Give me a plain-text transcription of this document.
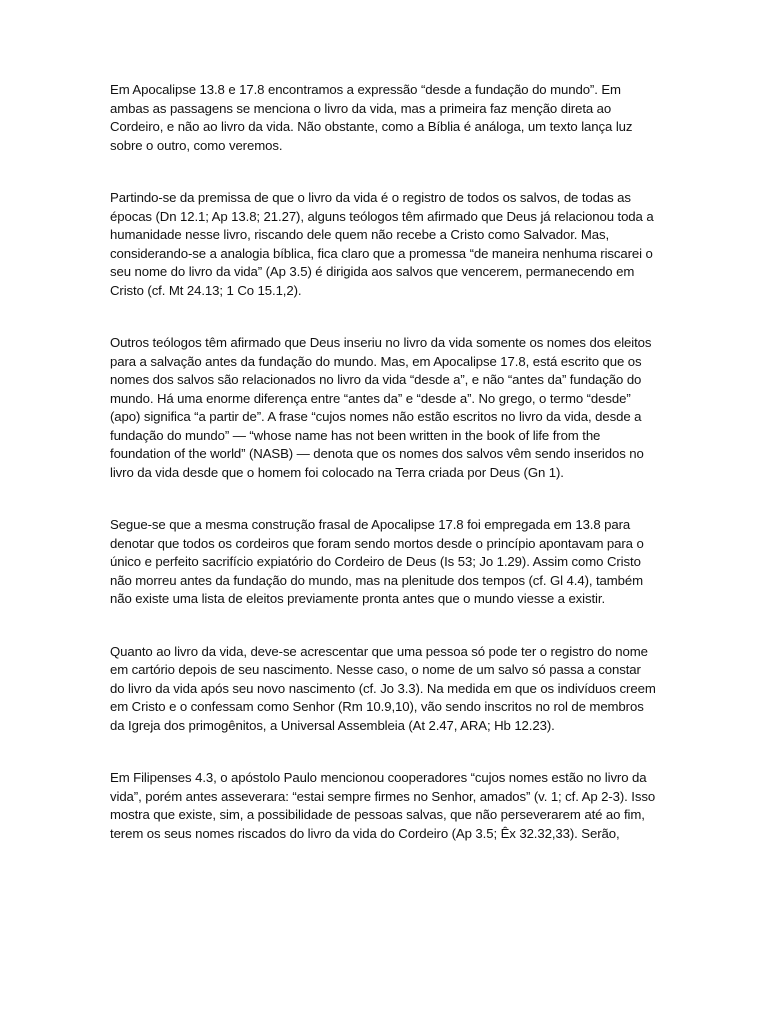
Em Apocalipse 13.8 e 17.8 encontramos a expressão “desde a fundação do mundo”. Em ambas as passagens se menciona o livro da vida, mas a primeira faz menção direta ao Cordeiro, e não ao livro da vida. Não obstante, como a Bíblia é análoga, um texto lança luz sobre o outro, como veremos.

Partindo-se da premissa de que o livro da vida é o registro de todos os salvos, de todas as épocas (Dn 12.1; Ap 13.8; 21.27), alguns teólogos têm afirmado que Deus já relacionou toda a humanidade nesse livro, riscando dele quem não recebe a Cristo como Salvador. Mas, considerando-se a analogia bíblica, fica claro que a promessa “de maneira nenhuma riscarei o seu nome do livro da vida” (Ap 3.5) é dirigida aos salvos que vencerem, permanecendo em Cristo (cf. Mt 24.13; 1 Co 15.1,2).

Outros teólogos têm afirmado que Deus inseriu no livro da vida somente os nomes dos eleitos para a salvação antes da fundação do mundo. Mas, em Apocalipse 17.8, está escrito que os nomes dos salvos são relacionados no livro da vida “desde a”, e não “antes da” fundação do mundo. Há uma enorme diferença entre “antes da” e “desde a”. No grego, o termo “desde” (apo) significa “a partir de”. A frase “cujos nomes não estão escritos no livro da vida, desde a fundação do mundo” — “whose name has not been written in the book of life from the foundation of the world” (NASB) — denota que os nomes dos salvos vêm sendo inseridos no livro da vida desde que o homem foi colocado na Terra criada por Deus (Gn 1).

Segue-se que a mesma construção frasal de Apocalipse 17.8 foi empregada em 13.8 para denotar que todos os cordeiros que foram sendo mortos desde o princípio apontavam para o único e perfeito sacrifício expiatório do Cordeiro de Deus (Is 53; Jo 1.29). Assim como Cristo não morreu antes da fundação do mundo, mas na plenitude dos tempos (cf. Gl 4.4), também não existe uma lista de eleitos previamente pronta antes que o mundo viesse a existir.

Quanto ao livro da vida, deve-se acrescentar que uma pessoa só pode ter o registro do nome em cartório depois de seu nascimento. Nesse caso, o nome de um salvo só passa a constar do livro da vida após seu novo nascimento (cf. Jo 3.3). Na medida em que os indivíduos creem em Cristo e o confessam como Senhor (Rm 10.9,10), vão sendo inscritos no rol de membros da Igreja dos primogênitos, a Universal Assembleia (At 2.47, ARA; Hb 12.23).

Em Filipenses 4.3, o apóstolo Paulo mencionou cooperadores “cujos nomes estão no livro da vida”, porém antes asseverara: “estai sempre firmes no Senhor, amados” (v. 1; cf. Ap 2-3). Isso mostra que existe, sim, a possibilidade de pessoas salvas, que não perseverarem até ao fim, terem os seus nomes riscados do livro da vida do Cordeiro (Ap 3.5; Êx 32.32,33). Serão,
